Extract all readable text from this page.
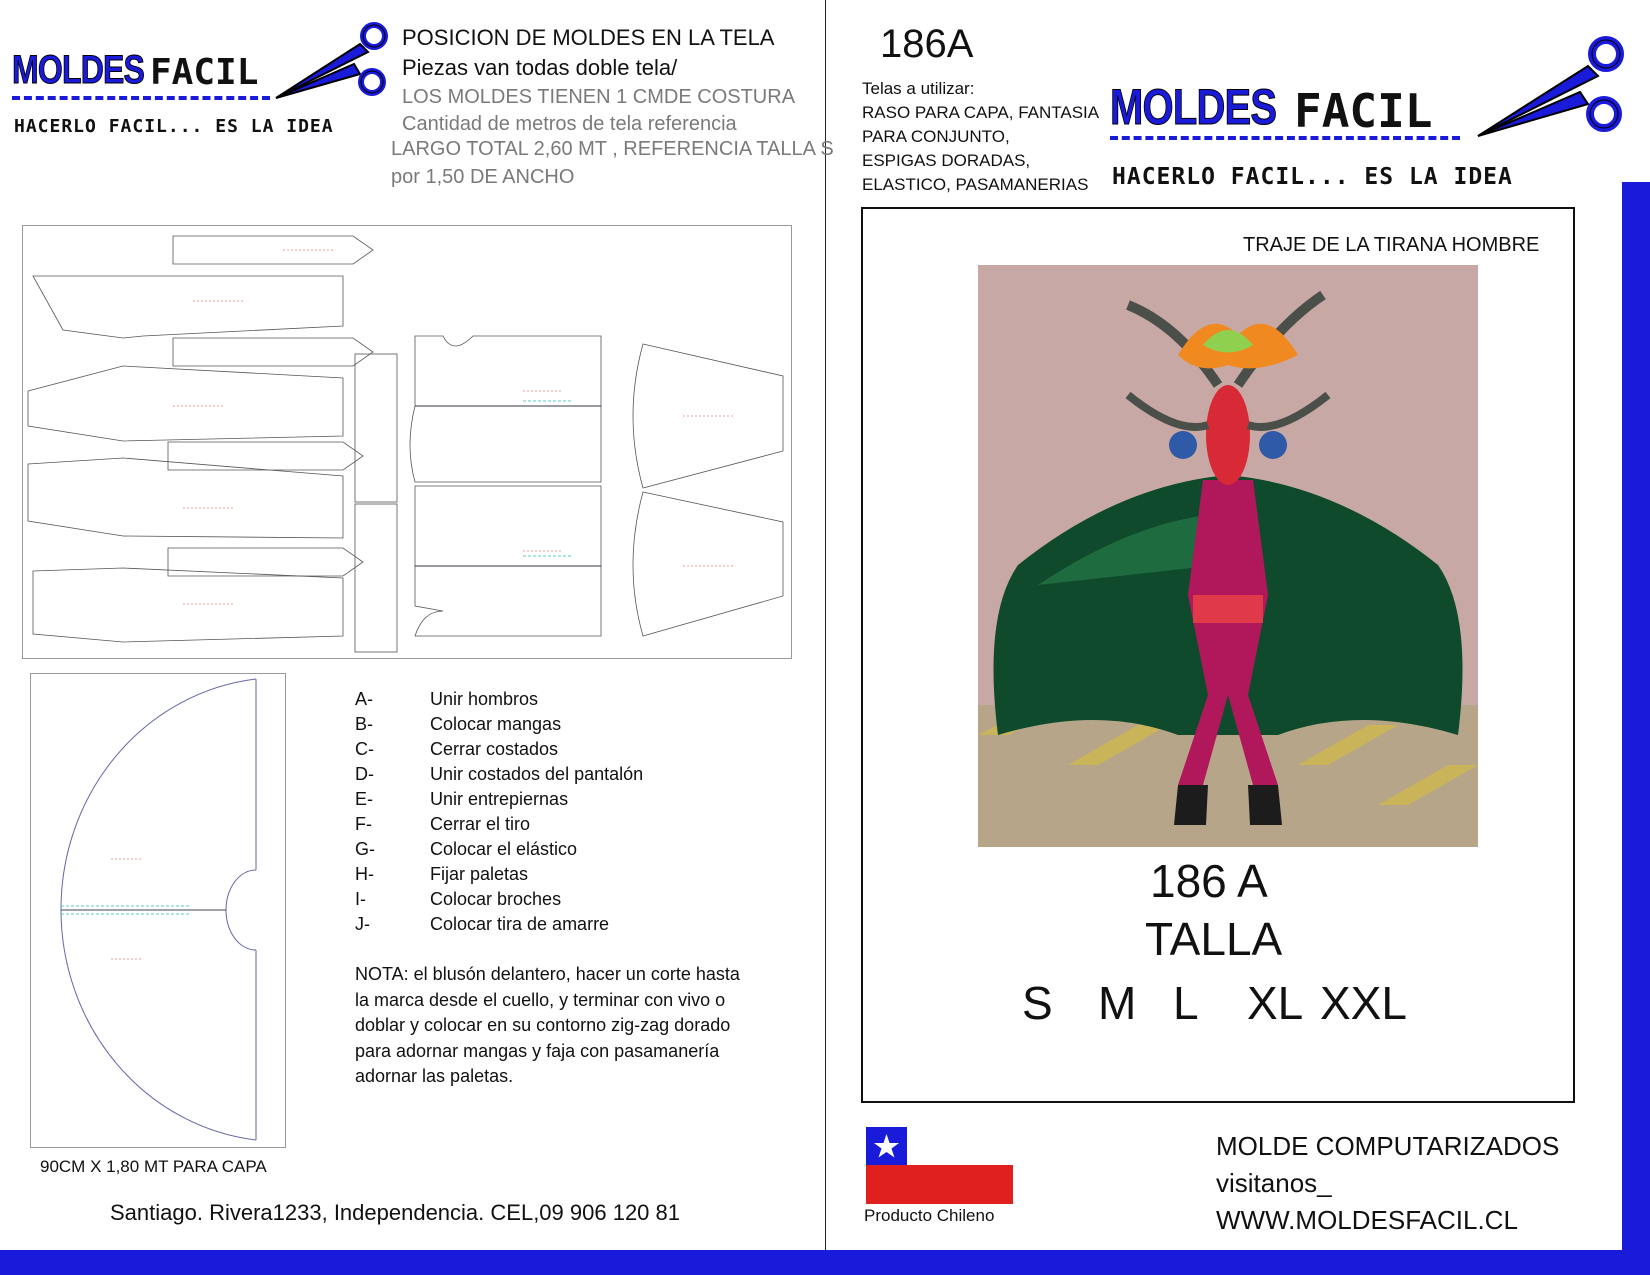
MOLDES FACIL
HACERLO FACIL... ES LA IDEA
POSICION DE MOLDES EN LA TELA
Piezas van todas doble tela/
LOS MOLDES TIENEN 1 CMDE COSTURA
Cantidad de metros de tela referencia
LARGO TOTAL 2,60 MT , REFERENCIA TALLA S
por 1,50 DE ANCHO
90CM X 1,80 MT PARA CAPA
A-	Unir hombros
B-	Colocar mangas
C-	Cerrar costados
D-	Unir costados del pantalón
E-	Unir entrepiernas
F-	Cerrar el tiro
G-	Colocar el elástico
H-	Fijar paletas
I-	Colocar broches
J-	Colocar tira de amarre
NOTA: el blusón delantero, hacer un corte hasta la marca desde el cuello, y terminar con vivo o doblar y colocar en su contorno zig-zag dorado para adornar mangas y faja con pasamanería adornar las paletas.
Santiago. Rivera1233, Independencia. CEL,09 906 120 81
186A
Telas a utilizar:
RASO PARA CAPA, FANTASIA
PARA CONJUNTO,
ESPIGAS DORADAS,
ELASTICO, PASAMANERIAS
MOLDES FACIL
HACERLO FACIL... ES LA IDEA
TRAJE DE LA TIRANA HOMBRE
186 A
TALLA
S M L XL XXL
Producto Chileno
MOLDE COMPUTARIZADOS
visitanos_
WWW.MOLDESFACIL.CL
